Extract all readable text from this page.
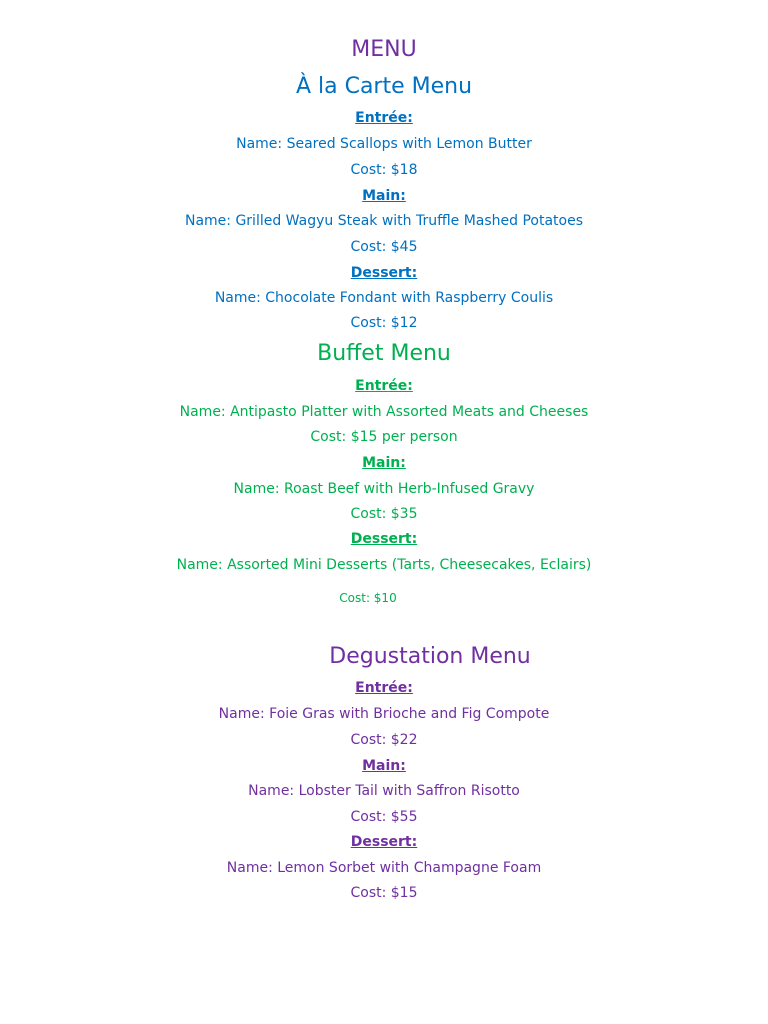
MENU
À la Carte Menu
Entrée:
Name: Seared Scallops with Lemon Butter
Cost: $18
Main:
Name: Grilled Wagyu Steak with Truffle Mashed Potatoes
Cost: $45
Dessert:
Name: Chocolate Fondant with Raspberry Coulis
Cost: $12
Buffet Menu
Entrée:
Name: Antipasto Platter with Assorted Meats and Cheeses
Cost: $15 per person
Main:
Name: Roast Beef with Herb-Infused Gravy
Cost: $35
Dessert:
Name: Assorted Mini Desserts (Tarts, Cheesecakes, Eclairs)
Cost: $10
Degustation Menu
Entrée:
Name: Foie Gras with Brioche and Fig Compote
Cost: $22
Main:
Name: Lobster Tail with Saffron Risotto
Cost: $55
Dessert:
Name: Lemon Sorbet with Champagne Foam
Cost: $15
